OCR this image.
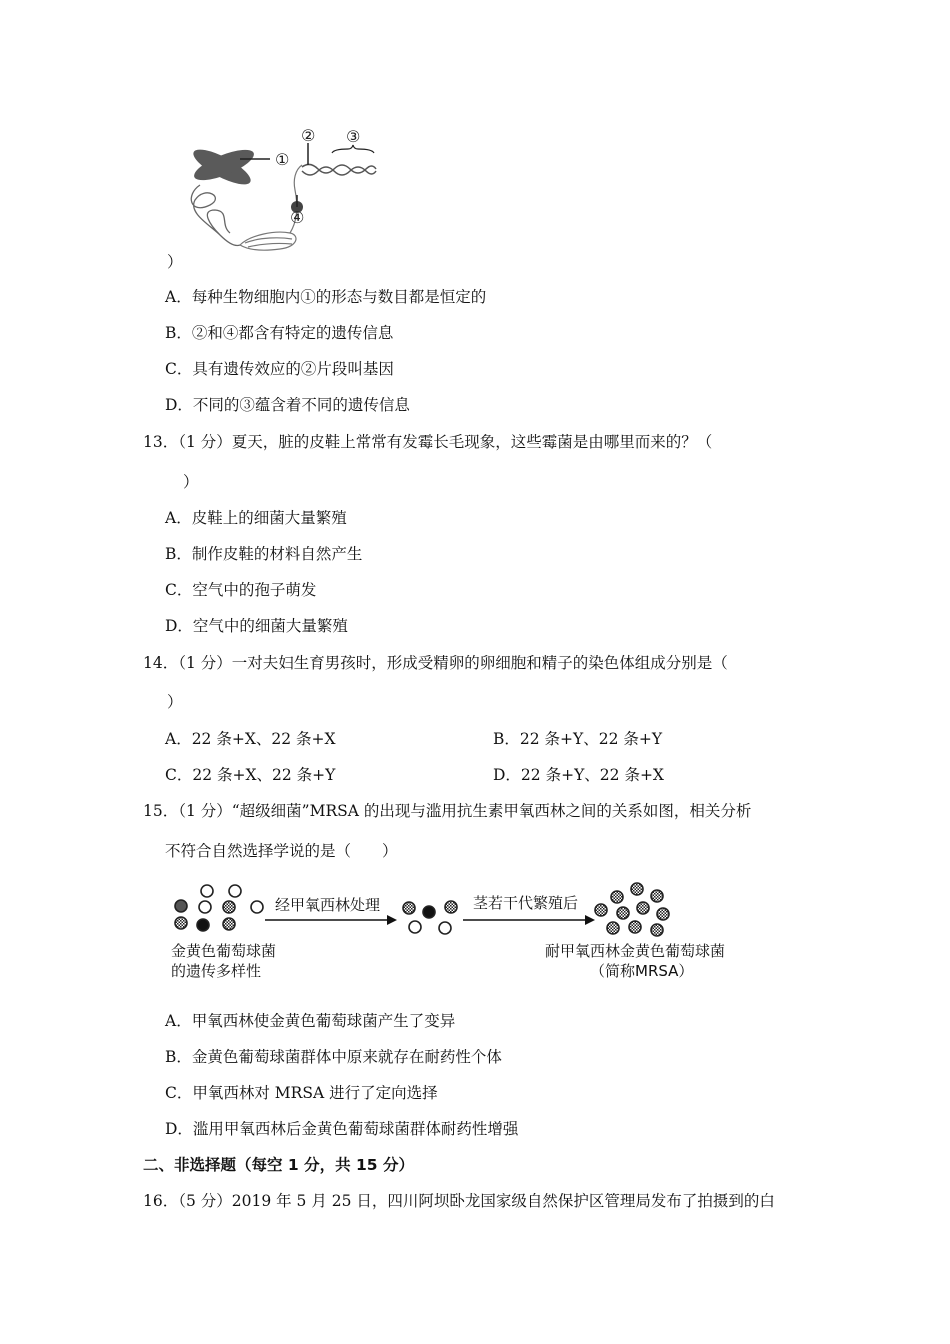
①
② ③
④
）
A．每种生物细胞内①的形态与数目都是恒定的
B．②和④都含有特定的遗传信息
C．具有遗传效应的②片段叫基因
D．不同的③蕴含着不同的遗传信息
13．（1 分）夏天，脏的皮鞋上常常有发霉长毛现象，这些霉菌是由哪里而来的？（
）
A．皮鞋上的细菌大量繁殖
B．制作皮鞋的材料自然产生
C．空气中的孢子萌发
D．空气中的细菌大量繁殖
14．（1 分）一对夫妇生育男孩时，形成受精卵的卵细胞和精子的染色体组成分别是（
）
A．22 条+X、22 条+X	B．22 条+Y、22 条+Y
C．22 条+X、22 条+Y	D．22 条+Y、22 条+X
15．（1 分）“超级细菌”MRSA 的出现与滥用抗生素甲氧西林之间的关系如图，相关分析
不符合自然选择学说的是（　　）
经甲氧西林处理	茎若干代繁殖后
金黄色葡萄球菌
的遗传多样性
耐甲氧西林金黄色葡萄球菌
（简称MRSA）
A．甲氧西林使金黄色葡萄球菌产生了变异
B．金黄色葡萄球菌群体中原来就存在耐药性个体
C．甲氧西林对 MRSA 进行了定向选择
D．滥用甲氧西林后金黄色葡萄球菌群体耐药性增强
二、非选择题（每空 1 分，共 15 分）
16．（5 分）2019 年 5 月 25 日，四川阿坝卧龙国家级自然保护区管理局发布了拍摄到的白
